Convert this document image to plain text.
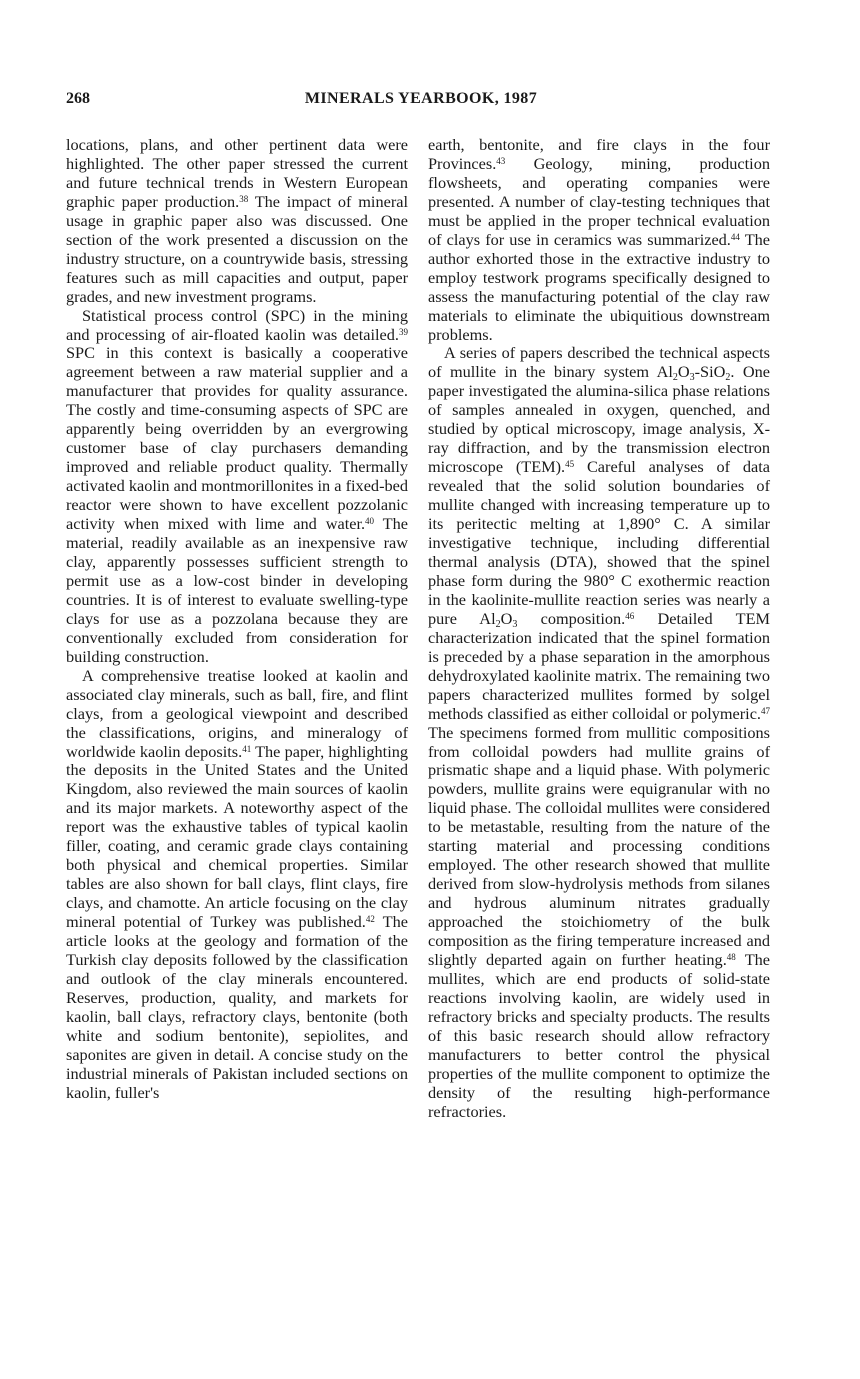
268	MINERALS YEARBOOK, 1987

locations, plans, and other pertinent data were highlighted. The other paper stressed the current and future technical trends in Western European graphic paper production.$^{38}$ The impact of mineral usage in graphic paper also was discussed. One section of the work presented a discussion on the industry structure, on a countrywide basis, stressing features such as mill capacities and output, paper grades, and new investment programs.

Statistical process control (SPC) in the mining and processing of air-floated kaolin was detailed.$^{39}$ SPC in this context is basically a cooperative agreement between a raw material supplier and a manufacturer that provides for quality assurance. The costly and time-consuming aspects of SPC are apparently being overridden by an evergrowing customer base of clay purchasers demanding improved and reliable product quality. Thermally activated kaolin and montmorillonites in a fixed-bed reactor were shown to have excellent pozzolanic activity when mixed with lime and water.$^{40}$ The material, readily available as an inexpensive raw clay, apparently possesses sufficient strength to permit use as a low-cost binder in developing countries. It is of interest to evaluate swelling-type clays for use as a pozzolana because they are conventionally excluded from consideration for building construction.

A comprehensive treatise looked at kaolin and associated clay minerals, such as ball, fire, and flint clays, from a geological viewpoint and described the classifications, origins, and mineralogy of worldwide kaolin deposits.$^{41}$ The paper, highlighting the deposits in the United States and the United Kingdom, also reviewed the main sources of kaolin and its major markets. A noteworthy aspect of the report was the exhaustive tables of typical kaolin filler, coating, and ceramic grade clays containing both physical and chemical properties. Similar tables are also shown for ball clays, flint clays, fire clays, and chamotte. An article focusing on the clay mineral potential of Turkey was published.$^{42}$ The article looks at the geology and formation of the Turkish clay deposits followed by the classification and outlook of the clay minerals encountered. Reserves, production, quality, and markets for kaolin, ball clays, refractory clays, bentonite (both white and sodium bentonite), sepiolites, and saponites are given in detail. A concise study on the industrial minerals of Pakistan included sections on kaolin, fuller's

earth, bentonite, and fire clays in the four Provinces.$^{43}$ Geology, mining, production flowsheets, and operating companies were presented. A number of clay-testing techniques that must be applied in the proper technical evaluation of clays for use in ceramics was summarized.$^{44}$ The author exhorted those in the extractive industry to employ testwork programs specifically designed to assess the manufacturing potential of the clay raw materials to eliminate the ubiquitious downstream problems.

A series of papers described the technical aspects of mullite in the binary system $Al_2O_3-SiO_2$. One paper investigated the alumina-silica phase relations of samples annealed in oxygen, quenched, and studied by optical microscopy, image analysis, X-ray diffraction, and by the transmission electron microscope (TEM).$^{45}$ Careful analyses of data revealed that the solid solution boundaries of mullite changed with increasing temperature up to its peritectic melting at 1,890° C. A similar investigative technique, including differential thermal analysis (DTA), showed that the spinel phase form during the 980° C exothermic reaction in the kaolinite-mullite reaction series was nearly a pure $Al_2O_3$ composition.$^{46}$ Detailed TEM characterization indicated that the spinel formation is preceded by a phase separation in the amorphous dehydroxylated kaolinite matrix. The remaining two papers characterized mullites formed by solgel methods classified as either colloidal or polymeric.$^{47}$ The specimens formed from mullitic compositions from colloidal powders had mullite grains of prismatic shape and a liquid phase. With polymeric powders, mullite grains were equigranular with no liquid phase. The colloidal mullites were considered to be metastable, resulting from the nature of the starting material and processing conditions employed. The other research showed that mullite derived from slow-hydrolysis methods from silanes and hydrous aluminum nitrates gradually approached the stoichiometry of the bulk composition as the firing temperature increased and slightly departed again on further heating.$^{48}$ The mullites, which are end products of solid-state reactions involving kaolin, are widely used in refractory bricks and specialty products. The results of this basic research should allow refractory manufacturers to better control the physical properties of the mullite component to optimize the density of the resulting high-performance refractories.
